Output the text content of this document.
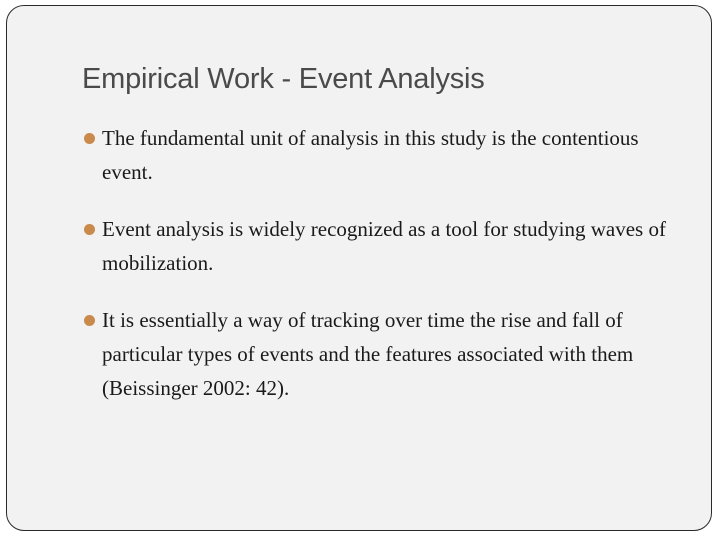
Empirical Work - Event Analysis
The fundamental unit of analysis in this study is the contentious event.
Event analysis is widely recognized as a tool for studying waves of mobilization.
It is essentially a way of tracking over time the rise and fall of particular types of events and the features associated with them (Beissinger 2002: 42).
